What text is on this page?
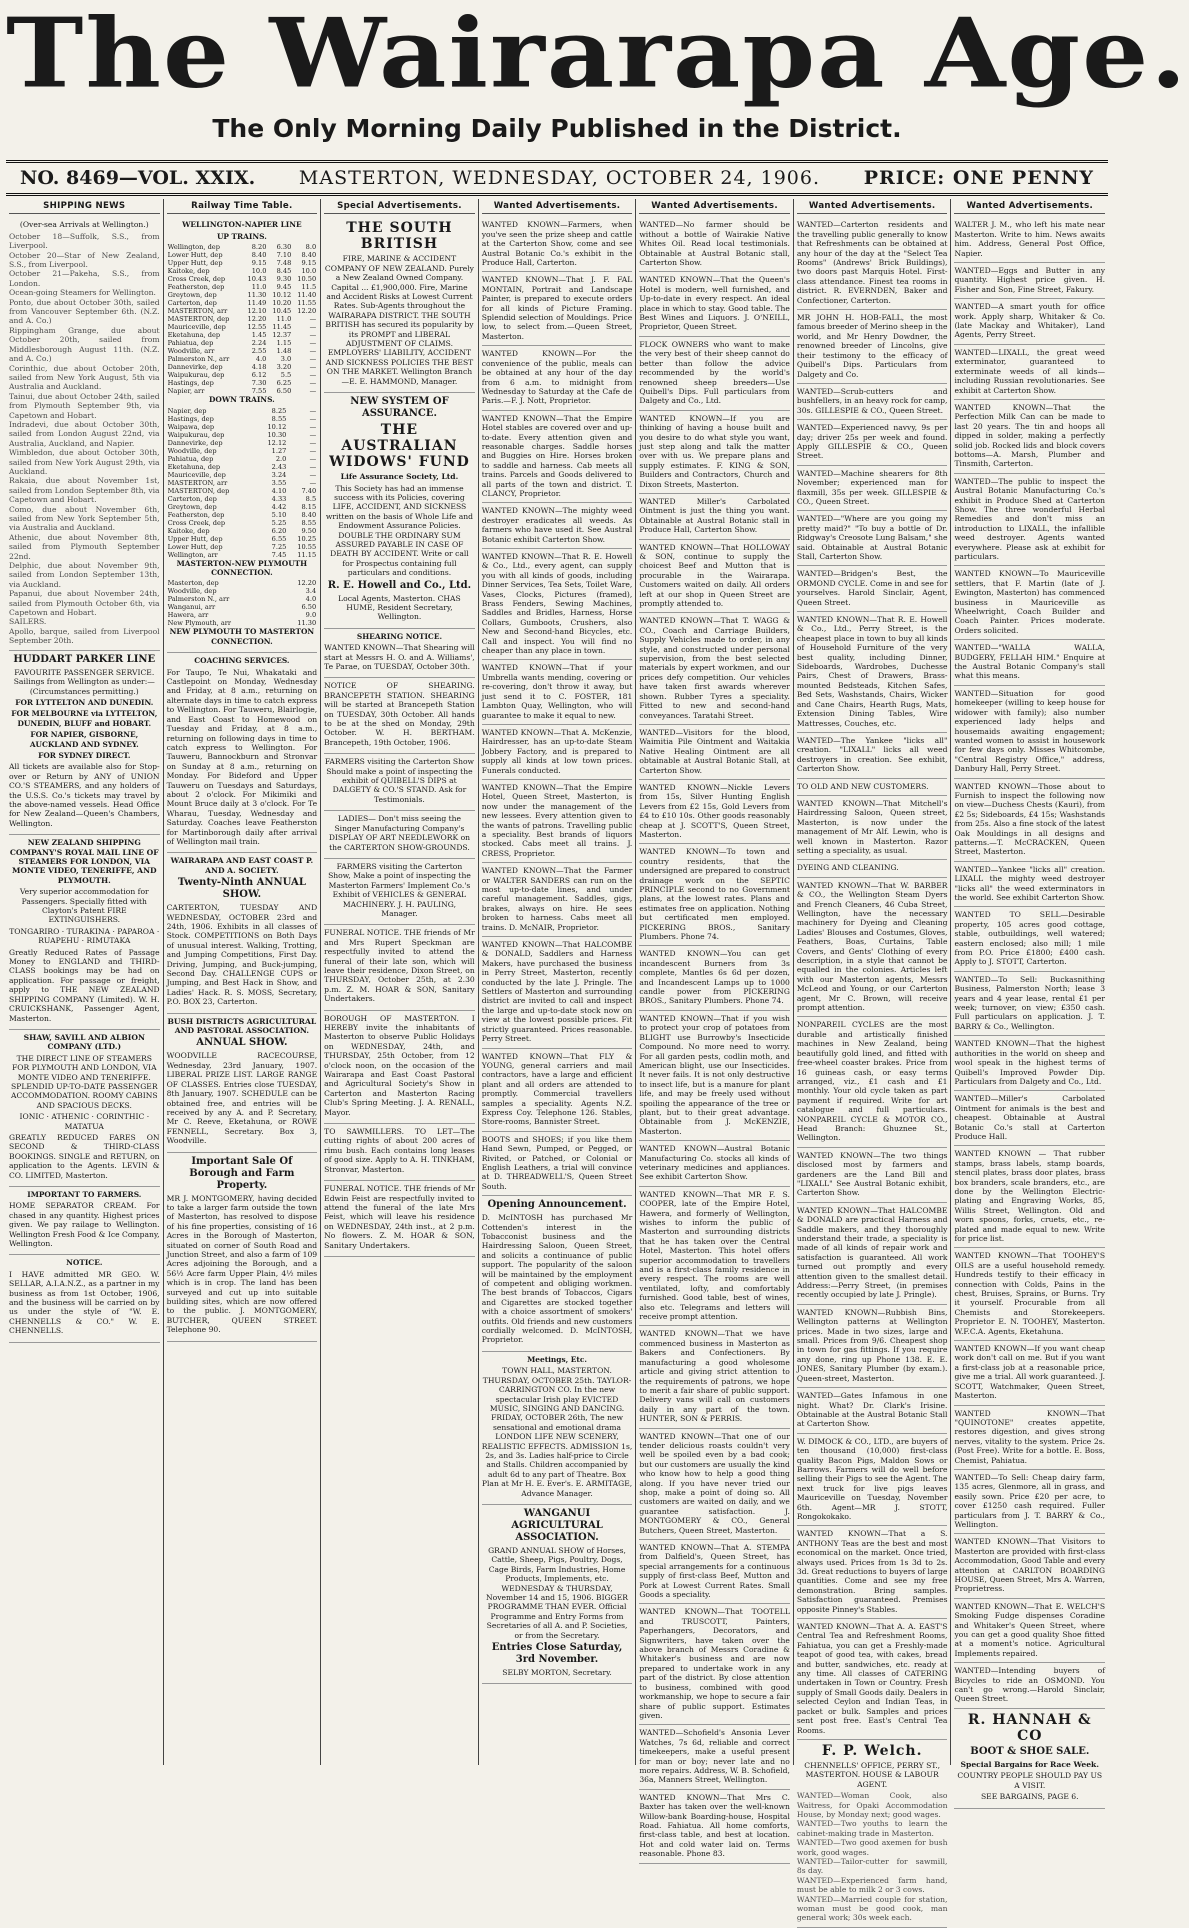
The Wairarapa Age.
The Only Morning Daily Published in the District.
NO. 8469—VOL. XXIX. MASTERTON, WEDNESDAY, OCTOBER 24, 1906. PRICE: ONE PENNY
SHIPPING NEWS

(Over-sea Arrivals at Wellington.)

October 18—Suffolk, S.S., from Liverpool.
October 20—Star of New Zealand, S.S., from Liverpool.
October 21—Pakeha, S.S., from London.
Ocean-going Steamers for Wellington.
Ponto, due about October 30th, sailed from Vancouver September 6th. (N.Z. and A. Co.)
Rippingham Grange, due about October 20th, sailed from Middlesborough August 11th. (N.Z. and A. Co.)
Corinthic, due about October 20th, sailed from New York August, 5th via Australia and Auckland.
Tainui, due about October 24th, sailed from Plymouth September 9th, via Capetown and Hobart.
Indradevi, due about October 30th, sailed from London August 22nd, via Australia, Auckland, and Napier.
Wimbledon, due about October 30th, sailed from New York August 29th, via Auckland.
Rakaia, due about November 1st, sailed from London September 8th, via Capetown and Hobart.
Como, due about November 6th, sailed from New York September 5th, via Australia and Auckland.
Athenic, due about November 8th, sailed from Plymouth September 22nd.
Delphic, due about November 9th, sailed from London September 13th, via Auckland.
Papanui, due about November 24th, sailed from Plymouth October 6th, via Capetown and Hobart.
SAILERS.
Apollo, barque, sailed from Liverpool September 20th.

HUDDART PARKER LINE

FAVOURITE PASSENGER SERVICE. Sailings from Wellington as under:— (Circumstances permitting.)

FOR LYTTELTON AND DUNEDIN.

FOR MELBOURNE via LYTTELTON, DUNEDIN, BLUFF and HOBART.

FOR NAPIER, GISBORNE, AUCKLAND AND SYDNEY.

FOR SYDNEY DIRECT.

All tickets are available also for Stop-over or Return by ANY of UNION CO.'S STEAMERS, and any holders of the U.S.S. Co.'s tickets may travel by the above-named vessels. Head Office for New Zealand—Queen's Chambers, Wellington.

NEW ZEALAND SHIPPING COMPANY'S ROYAL MAIL LINE OF STEAMERS FOR LONDON, VIA MONTE VIDEO, TENERIFFE, AND PLYMOUTH.

Very superior accommodation for Passengers. Specially fitted with Clayton's Patent FIRE EXTINGUISHERS.

TONGARIRO · TURAKINA · PAPAROA · RUAPEHU · RIMUTAKA

Greatly Reduced Rates of Passage Money to ENGLAND and THIRD-CLASS bookings may be had on application. For passage or freight, apply to THE NEW ZEALAND SHIPPING COMPANY (Limited). W. H. CRUICKSHANK, Passenger Agent, Masterton.

SHAW, SAVILL AND ALBION COMPANY (LTD.)

THE DIRECT LINE OF STEAMERS FOR PLYMOUTH AND LONDON, VIA MONTE VIDEO AND TENERIFFE. SPLENDID UP-TO-DATE PASSENGER ACCOMMODATION. ROOMY CABINS AND SPACIOUS DECKS.

IONIC · ATHENIC · CORINTHIC · MATATUA

GREATLY REDUCED FARES ON SECOND & THIRD-CLASS BOOKINGS. SINGLE and RETURN, on application to the Agents. LEVIN & CO. LIMITED, Masterton.

IMPORTANT TO FARMERS.

HOME SEPARATOR CREAM. For chased in any quantity. Highest prices given. We pay railage to Wellington. Wellington Fresh Food & Ice Company, Wellington.

NOTICE.

I HAVE admitted MR GEO. W. SELLAR, A.I.A.N.Z., as a partner in my business as from 1st October, 1906, and the business will be carried on by us under the style of "W. E. CHENNELLS & CO." W. E. CHENNELLS.

Railway Time Table.

WELLINGTON-NAPIER LINE

UP TRAINS.

Wellington, dep	8.20	6.30	8.0
Lower Hutt, dep	8.40	7.10	8.40
Upper Hutt, dep	9.15	7.48	9.15
Kaitoke, dep	10.0	8.45	10.0
Cross Creek, dep	10.43	9.30	10.50
Featherston, dep	11.0	9.45	11.5
Greytown, dep	11.30	10.12	11.40
Carterton, dep	11.49	10.20	11.55
MASTERTON, arr	12.10	10.45	12.20
MASTERTON, dep	12.20	11.0	—
Mauriceville, dep	12.55	11.45	—
Eketahuna, dep	1.45	12.37	—
Pahiatua, dep	2.24	1.15	—
Woodville, arr	2.55	1.48	—
Palmerston N., arr	4.0	3.0	—
Dannevirke, dep	4.18	3.20	—
Waipukurau, dep	6.12	5.5	—
Hastings, dep	7.30	6.25	—
Napier, arr	7.55	6.50	—

DOWN TRAINS.

Napier, dep	8.25	—
Hastings, dep	8.55	—
Waipawa, dep	10.12	—
Waipukurau, dep	10.30	—
Dannevirke, dep	12.12	—
Woodville, dep	1.27	—
Pahiatua, dep	2.0	—
Eketahuna, dep	2.43	—
Mauriceville, dep	3.24	—
MASTERTON, arr	3.55	—
MASTERTON, dep	4.10	7.40
Carterton, dep	4.33	8.5
Greytown, dep	4.42	8.15
Featherston, dep	5.10	8.40
Cross Creek, dep	5.25	8.55
Kaitoke, dep	6.20	9.50
Upper Hutt, dep	6.55	10.25
Lower Hutt, dep	7.25	10.55
Wellington, arr	7.45	11.15

MASTERTON-NEW PLYMOUTH CONNECTION.

Masterton, dep	12.20
Woodville, dep	3.4
Palmerston N., arr	4.0
Wanganui, arr	6.50
Hawera, arr	9.0
New Plymouth, arr	11.30

NEW PLYMOUTH TO MASTERTON CONNECTION.

COACHING SERVICES.

For Taupo, Te Nui, Whakataki and Castlepoint on Monday, Wednesday and Friday, at 8 a.m., returning on alternate days in time to catch express to Wellington. For Tauweru, Blairlogie, and East Coast to Homewood on Tuesday and Friday, at 8 a.m., returning on following days in time to catch express to Wellington. For Tauweru, Bannockburn and Stronvar on Sunday at 8 a.m., returning on Monday. For Bideford and Upper Tauweru on Tuesdays and Saturdays, about 2 o'clock. For Mikimiki and Mount Bruce daily at 3 o'clock. For Te Wharau, Tuesday, Wednesday and Saturday. Coaches leave Featherston for Martinborough daily after arrival of Wellington mail train.

WAIRARAPA AND EAST COAST P. AND A. SOCIETY.

Twenty-Ninth ANNUAL SHOW.

CARTERTON, TUESDAY AND WEDNESDAY, OCTOBER 23rd and 24th, 1906. Exhibits in all classes of Stock. COMPETITIONS on Both Days of unusual interest. Walking, Trotting, and Jumping Competitions, First Day. Driving, Jumping, and Buck-jumping, Second Day. CHALLENGE CUPS or Jumping, and Best Hack in Show, and Ladies' Hack. R. S. MOSS, Secretary, P.O. BOX 23, Carterton.

BUSH DISTRICTS AGRICULTURAL AND PASTORAL ASSOCIATION.

ANNUAL SHOW.

WOODVILLE RACECOURSE, Wednesday, 23rd January, 1907. LIBERAL PRIZE LIST. LARGE RANGE OF CLASSES. Entries close TUESDAY, 8th January, 1907. SCHEDULE can be obtained free, and entries will be received by any A. and P. Secretary, Mr C. Reeve, Eketahuna, or ROWE FENNELL, Secretary. Box 3, Woodville.

Important Sale Of Borough and Farm Property.

MR J. MONTGOMERY, having decided to take a larger farm outside the town of Masterton, has resolved to dispose of his fine properties, consisting of 16 Acres in the Borough of Masterton, situated on corner of South Road and Junction Street, and also a farm of 109 Acres adjoining the Borough, and a 56½ Acre farm Upper Plain, 4½ miles which is in crop. The land has been surveyed and cut up into suitable building sites, which are now offered to the public. J. MONTGOMERY, BUTCHER, QUEEN STREET. Telephone 90.

Special Advertisements.

THE SOUTH BRITISH

FIRE, MARINE & ACCIDENT COMPANY OF NEW ZEALAND. Purely a New Zealand Owned Company. Capital ... £1,900,000. Fire, Marine and Accident Risks at Lowest Current Rates. Sub-Agents throughout the WAIRARAPA DISTRICT. THE SOUTH BRITISH has secured its popularity by its PROMPT and LIBERAL ADJUSTMENT OF CLAIMS. EMPLOYERS' LIABILITY, ACCIDENT AND SICKNESS POLICIES THE BEST ON THE MARKET. Wellington Branch—E. E. HAMMOND, Manager.

NEW SYSTEM OF ASSURANCE.

THE AUSTRALIAN WIDOWS' FUND

Life Assurance Society, Ltd.

This Society has had an immense success with its Policies, covering LIFE, ACCIDENT, AND SICKNESS written on the basis of Whole Life and Endowment Assurance Policies. DOUBLE THE ORDINARY SUM ASSURED PAYABLE IN CASE OF DEATH BY ACCIDENT. Write or call for Prospectus containing full particulars and conditions.

R. E. Howell and Co., Ltd.

Local Agents, Masterton. CHAS HUME, Resident Secretary, Wellington.

SHEARING NOTICE.

WANTED KNOWN—That Shearing will start at Messrs H. O. and A. Williams', Te Parae, on TUESDAY, October 30th.

NOTICE OF SHEARING. BRANCEPETH STATION. SHEARING will be started at Brancepeth Station on TUESDAY, 30th October. All hands to be at the shed on Monday, 29th October. W. H. BERTHAM. Brancepeth, 19th October, 1906.

FARMERS visiting the Carterton Show Should make a point of inspecting the exhibit of QUIBELL'S DIPS at DALGETY & CO.'S STAND. Ask for Testimonials.

LADIES— Don't miss seeing the Singer Manufacturing Company's DISPLAY OF ART NEEDLEWORK on the CARTERTON SHOW-GROUNDS.

FARMERS visiting the Carterton Show, Make a point of inspecting the Masterton Farmers' Implement Co.'s Exhibit of VEHICLES & GENERAL MACHINERY. J. H. PAULING, Manager.

FUNERAL NOTICE. THE friends of Mr and Mrs Rupert Speckman are respectfully invited to attend the funeral of their late son, which will leave their residence, Dixon Street, on THURSDAY, October 25th, at 2.30 p.m. Z. M. HOAR & SON, Sanitary Undertakers.

BOROUGH OF MASTERTON. I HEREBY invite the inhabitants of Masterton to observe Public Holidays on WEDNESDAY, 24th, and THURSDAY, 25th October, from 12 o'clock noon, on the occasion of the Wairarapa and East Coast Pastoral and Agricultural Society's Show in Carterton and Masterton Racing Club's Spring Meeting. J. A. RENALL, Mayor.

TO SAWMILLERS. TO LET—The cutting rights of about 200 acres of rimu bush. Each contains long leases of good size. Apply to A. H. TINKHAM, Stronvar, Masterton.

FUNERAL NOTICE. THE friends of Mr Edwin Feist are respectfully invited to attend the funeral of the late Mrs Feist, which will leave his residence on WEDNESDAY, 24th inst., at 2 p.m. No flowers. Z. M. HOAR & SON, Sanitary Undertakers.

Wanted Advertisements.
WANTED KNOWN—Farmers, when you've seen the prize sheep and cattle at the Carterton Show, come and see Austral Botanic Co.'s exhibit in the Produce Hall, Carterton.
WANTED KNOWN—That J. F. FAL MONTAIN, Portrait and Landscape Painter, is prepared to execute orders for all kinds of Picture Framing. Splendid selection of Mouldings. Price low, to select from.—Queen Street, Masterton.
WANTED KNOWN—For the convenience of the public, meals can be obtained at any hour of the day from 6 a.m. to midnight from Wednesday to Saturday at the Cafe de Paris.—F. J. Nott, Proprietor.
WANTED KNOWN—That the Empire Hotel stables are covered over and up-to-date. Every attention given and reasonable charges. Saddle horses and Buggies on Hire. Horses broken to saddle and harness. Cab meets all trains. Parcels and Goods delivered to all parts of the town and district. T. CLANCY, Proprietor.
WANTED KNOWN—The mighty weed destroyer eradicates all weeds. As farmers who have used it. See Austral Botanic exhibit Carterton Show.
WANTED KNOWN—That R. E. Howell & Co., Ltd., every agent, can supply you with all kinds of goods, including Dinner Services, Tea Sets, Toilet Ware, Vases, Clocks, Pictures (framed), Brass Fenders, Sewing Machines, Saddles and Bridles, Harness, Horse Collars, Gumboots, Crushers, also New and Second-hand Bicycles, etc. Call and inspect. You will find no cheaper than any place in town.
WANTED KNOWN—That if your Umbrella wants mending, covering or re-covering, don't throw it away, but just send it to C. FOSTER, 181 Lambton Quay, Wellington, who will guarantee to make it equal to new.
WANTED KNOWN—That A. McKenzie, Hairdresser, has an up-to-date Steam Jobbery Factory, and is prepared to supply all kinds at low town prices. Funerals conducted.
WANTED KNOWN—That the Empire Hotel, Queen Street, Masterton, is now under the management of the new lessees. Every attention given to the wants of patrons. Travelling public a speciality. Best brands of liquors stocked. Cabs meet all trains. J. CRESS, Proprietor.
WANTED KNOWN—That the Farmer or WALTER SANDERS can run on the most up-to-date lines, and under careful management. Saddles, gigs, brakes, always on hire. He sees broken to harness. Cabs meet all trains. D. McNAIR, Proprietor.
WANTED KNOWN—That HALCOMBE & DONALD, Saddlers and Harness Makers, have purchased the business in Perry Street, Masterton, recently conducted by the late J. Pringle. The Settlers of Masterton and surrounding district are invited to call and inspect the large and up-to-date stock now on view at the lowest possible prices. Fit strictly guaranteed. Prices reasonable. Perry Street.
WANTED KNOWN—That FLY & YOUNG, general carriers and mail contractors, have a large and efficient plant and all orders are attended to promptly. Commercial travellers samples a speciality. Agents N.Z. Express Coy. Telephone 126. Stables, Store-rooms, Bannister Street.
BOOTS and SHOES; if you like them Hand Sewn, Pumped, or Pegged, or Rivited, or Patched, or Colonial or English Leathers, a trial will convince at D. THREADWELL'S, Queen Street South.

Opening Announcement.

D. McINTOSH has purchased Mr Cottenden's interest in the Tobacconist business and the Hairdressing Saloon, Queen Street, and solicits a continuance of public support. The popularity of the saloon will be maintained by the employment of competent and obliging workmen. The best brands of Tobaccos, Cigars and Cigarettes are stocked together with a choice assortment of smokers' outfits. Old friends and new customers cordially welcomed. D. McINTOSH, Proprietor.

Meetings, Etc.

TOWN HALL, MASTERTON. THURSDAY, OCTOBER 25th. TAYLOR-CARRINGTON CO. In the new spectacular Irish play EVICTED MUSIC, SINGING AND DANCING. FRIDAY, OCTOBER 26th, The new sensational and emotional drama LONDON LIFE NEW SCENERY, REALISTIC EFFECTS. ADMISSION 1s, 2s, and 3s. Ladies half-price to Circle and Stalls. Children accompanied by adult 6d to any part of Theatre. Box Plan at Mr H. E. Ever's. E. ARMITAGE, Advance Manager.

WANGANUI AGRICULTURAL ASSOCIATION.

GRAND ANNUAL SHOW of Horses, Cattle, Sheep, Pigs, Poultry, Dogs, Cage Birds, Farm Industries, Home Products, Implements, etc. WEDNESDAY & THURSDAY, November 14 and 15, 1906. BIGGER PROGRAMME THAN EVER. Official Programme and Entry Forms from Secretaries of all A. and P. Societies, or from the Secretary.

Entries Close Saturday, 3rd November.

SELBY MORTON, Secretary.

Wanted Advertisements.
WANTED—No farmer should be without a bottle of Wairakie Native Whites Oil. Read local testimonials. Obtainable at Austral Botanic stall, Carterton Show.
WANTED KNOWN—That the Queen's Hotel is modern, well furnished, and Up-to-date in every respect. An ideal place in which to stay. Good table. The Best Wines and Liquors. J. O'NEILL, Proprietor, Queen Street.
FLOCK OWNERS who want to make the very best of their sheep cannot do better than follow the advice recommended by the world's renowned sheep breeders—Use Quibell's Dips. Full particulars from Dalgety and Co., Ltd.
WANTED KNOWN—If you are thinking of having a house built and you desire to do what style you want, just step along and talk the matter over with us. We prepare plans and supply estimates. F. KING & SON, Builders and Contractors, Church and Dixon Streets, Masterton.
WANTED Miller's Carbolated Ointment is just the thing you want. Obtainable at Austral Botanic stall in Produce Hall, Carterton Show.
WANTED KNOWN—That HOLLOWAY & SON, continue to supply the choicest Beef and Mutton that is procurable in the Wairarapa. Customers waited on daily. All orders left at our shop in Queen Street are promptly attended to.
WANTED KNOWN—That T. WAGG & CO., Coach and Carriage Builders, Supply Vehicles made to order, in any style, and constructed under personal supervision, from the best selected materials by expert workmen, and our prices defy competition. Our vehicles have taken first awards wherever shown. Rubber Tyres a speciality. Fitted to new and second-hand conveyances. Taratahi Street.
WANTED—Visitors for the blood, Waimitia Pile Ointment and Waitakia Native Healing Ointment are all obtainable at Austral Botanic Stall, at Carterton Show.
WANTED KNOWN—Nickle Levers from 15s, Silver Hunting English Levers from £2 15s, Gold Levers from £4 to £10 10s. Other goods reasonably cheap at J. SCOTT'S, Queen Street, Masterton.
WANTED KNOWN—To town and country residents, that the undersigned are prepared to construct drainage work on the SEPTIC PRINCIPLE second to no Government plans, at the lowest rates. Plans and estimates free on application. Nothing but certificated men employed. PICKERING BROS., Sanitary Plumbers. Phone 74.
WANTED KNOWN—You can get incandescent Burners from 3s complete, Mantles 6s 6d per dozen, and Incandescent Lamps up to 1000 candle power from PICKERING BROS., Sanitary Plumbers. Phone 74.
WANTED KNOWN—That if you wish to protect your crop of potatoes from BLIGHT use Burrowby's Insecticide Compound. No more need to worry. For all garden pests, codlin moth, and American blight, use our Insecticides. It never fails. It is not only destructive to insect life, but is a manure for plant life, and may be freely used without spoiling the appearance of the tree or plant, but to their great advantage. Obtainable from J. McKENZIE, Masterton.
WANTED KNOWN—Austral Botanic Manufacturing Co. stocks all kinds of veterinary medicines and appliances. See exhibit Carterton Show.
WANTED KNOWN—That MR F. S. COOPER, late of the Empire Hotel, Hawera, and formerly of Wellington, wishes to inform the public of Masterton and surrounding districts that he has taken over the Central Hotel, Masterton. This hotel offers superior accommodation to travellers and is a first-class family residence in every respect. The rooms are well ventilated, lofty, and comfortably furnished. Good table, best of wines, also etc. Telegrams and letters will receive prompt attention.
WANTED KNOWN—That we have commenced business in Masterton as Bakers and Confectioners. By manufacturing a good wholesome article and giving strict attention to the requirements of patrons, we hope to merit a fair share of public support. Delivery vans will call on customers daily in any part of the town. HUNTER, SON & PERRIS.
WANTED KNOWN—That one of our tender delicious roasts couldn't very well be spoiled even by a bad cook; but our customers are usually the kind who know how to help a good thing along. If you have never tried our shop, make a point of doing so. All customers are waited on daily, and we guarantee satisfaction. J. MONTGOMERY & CO., General Butchers, Queen Street, Masterton.
WANTED KNOWN—That A. STEMPA from Dalfield's, Queen Street, has special arrangements for a continuous supply of first-class Beef, Mutton and Pork at Lowest Current Rates. Small Goods a speciality.
WANTED KNOWN—That TOOTELL and TRUSCOTT, Painters, Paperhangers, Decorators, and Signwriters, have taken over the above branch of Messrs Coradine & Whitaker's business and are now prepared to undertake work in any part of the district. By close attention to business, combined with good workmanship, we hope to secure a fair share of public support. Estimates given.
WANTED—Schofield's Ansonia Lever Watches, 7s 6d, reliable and correct timekeepers, make a useful present for man or boy; never late and no more repairs. Address, W. B. Schofield, 36a, Manners Street, Wellington.
WANTED KNOWN—That Mrs C. Baxter has taken over the well-known Willow-bank Boarding-house, Hospital Road. Fahiatua. All home comforts, first-class table, and best at location. Hot and cold water laid on. Terms reasonable. Phone 83.
Wanted Advertisements.
WANTED—Carterton residents and the travelling public generally to know that Refreshments can be obtained at any hour of the day at the "Select Tea Rooms" (Andrews' Brick Buildings), two doors past Marquis Hotel. First-class attendance. Finest tea rooms in district. R. EVERNDEN, Baker and Confectioner, Carterton.
MR JOHN H. HOB-FALL, the most famous breeder of Merino sheep in the world, and Mr Henry Dowdner, the renowned breeder of Lincolns, give their testimony to the efficacy of Quibell's Dips. Particulars from Dalgety and Co.
WANTED—Scrub-cutters and bushfellers, in an heavy rock for camp, 30s. GILLESPIE & CO., Queen Street.
WANTED—Experienced navvy, 9s per day; driver 25s per week and found. Apply GILLESPIE & CO., Queen Street.
WANTED—Machine shearers for 8th November; experienced man for flaxmill, 35s per week. GILLESPIE & CO., Queen Street.
WANTED—"Where are you going my pretty maid?" "To buy a bottle of Dr. Ridgway's Creosote Lung Balsam," she said. Obtainable at Austral Botanic Stall, Carterton Show.
WANTED—Bridgen's Best, the ORMOND CYCLE. Come in and see for yourselves. Harold Sinclair, Agent, Queen Street.
WANTED KNOWN—That R. E. Howell & Co., Ltd., Perry Street, is the cheapest place in town to buy all kinds of Household Furniture of the very best quality, including Dinner, Sideboards, Wardrobes, Duchesse Pairs, Chest of Drawers, Brass-mounted Bedsteads, Kitchen Safes, Bed Sets, Washstands, Chairs, Wicker and Cane Chairs, Hearth Rugs, Mats, Extension Dining Tables, Wire Mattresses, Couches, etc.
WANTED—The Yankee "licks all" creation. "LIXALL" licks all weed destroyers in creation. See exhibit, Carterton Show.
TO OLD AND NEW CUSTOMERS.
WANTED KNOWN—That Mitchell's Hairdressing Saloon, Queen street, Masterton, is now under the management of Mr Alf. Lewin, who is well known in Masterton. Razor setting a speciality, as usual.
DYEING AND CLEANING.
WANTED KNOWN—That W. BARBER & CO., the Wellington Steam Dyers and French Cleaners, 46 Cuba Street, Wellington, have the necessary machinery for Dyeing and Cleaning Ladies' Blouses and Costumes, Gloves, Feathers, Boas, Curtains, Table Covers, and Gents' Clothing of every description, in a style that cannot be equalled in the colonies. Articles left with our Masterton agents, Messrs McLeod and Young, or our Carterton agent, Mr C. Brown, will receive prompt attention.
NONPAREIL CYCLES are the most durable and artistically finished machines in New Zealand, being beautifully gold lined, and fitted with free-wheel coaster brakes. Price from 16 guineas cash, or easy terms arranged, viz., £1 cash and £1 monthly. Your old cycle taken as part payment if required. Write for art catalogue and full particulars. NONPAREIL CYCLE & MOTOR CO., Head Branch: Ghuznee St., Wellington.
WANTED KNOWN—The two things disclosed most by farmers and gardeners are the Land Bill and "LIXALL" See Austral Botanic exhibit, Carterton Show.
WANTED KNOWN—That HALCOMBE & DONALD are practical Harness and Saddle makers, and they thoroughly understand their trade, a speciality is made of all kinds of repair work and satisfaction is guaranteed. All work turned out promptly and every attention given to the smallest detail. Address:—Perry Street, (in premises recently occupied by late J. Pringle).
WANTED KNOWN—Rubbish Bins, Wellington patterns at Wellington prices. Made in two sizes, large and small. Prices from 9/6. Cheapest shop in town for gas fittings. If you require any done, ring up Phone 138. E. E. JONES, Sanitary Plumber (by exam.). Queen-street, Masterton.
WANTED—Gates Infamous in one night. What? Dr. Clark's Irisine. Obtainable at the Austral Botanic Stall at Carterton Show.
W. DIMOCK & CO., LTD., are buyers of ten thousand (10,000) first-class quality Bacon Pigs, Maldon Sows or Barrows. Farmers will do well before selling their Pigs to see the Agent. The next truck for live pigs leaves Mauriceville on Tuesday, November 6th. Agent—MR J. STOTT, Rongokokako.
WANTED KNOWN—That a S. ANTHONY Teas are the best and most economical on the market. Once tried, always used. Prices from 1s 3d to 2s. 3d. Great reductions to buyers of large quantities. Come and see my free demonstration. Bring samples. Satisfaction guaranteed. Premises opposite Pinney's Stables.
WANTED KNOWN—That A. A. EAST'S Central Tea and Refreshment Rooms, Fahiatua, you can get a Freshly-made teapot of good tea, with cakes, bread and butter, sandwiches, etc. ready at any time. All classes of CATERING undertaken in Town or Country. Fresh supply of Small Goods daily. Dealers in selected Ceylon and Indian Teas, in packet or bulk. Samples and prices sent post free. East's Central Tea Rooms.

F. P. Welch.

CHENNELLS' OFFICE, PERRY ST., MASTERTON. HOUSE & LABOUR AGENT.

WANTED—Woman Cook, also Waitress, for Opaki Accommodation House, by Monday next; good wages.
WANTED—Two youths to learn the cabinet-making trade in Masterton.
WANTED—Two good axemen for bush work, good wages.
WANTED—Tailor-cutter for sawmill, 8s day.
WANTED—Experienced farm hand, must be able to milk 2 or 3 cows.
WANTED—Married couple for station, woman must be good cook, man general work; 30s week each.
Wanted Advertisements.
WALTER J. M., who left his mate near Masterton. Write to him. News awaits him. Address, General Post Office, Napier.
WANTED—Eggs and Butter in any quantity. Highest price given. H. Fisher and Son, Fine Street, Fakury.
WANTED—A smart youth for office work. Apply sharp, Whitaker & Co. (late Mackay and Whitaker), Land Agents, Perry Street.
WANTED—LIXALL, the great weed exterminator, guaranteed to exterminate weeds of all kinds—including Russian revolutionaries. See exhibit at Carterton Show.
WANTED KNOWN—That the Perfection Milk Can can be made to last 20 years. The tin and hoops all dipped in solder, making a perfectly solid job. Rocked lids and block covers bottoms—A. Marsh, Plumber and Tinsmith, Carterton.
WANTED—The public to inspect the Austral Botanic Manufacturing Co.'s exhibit in Produce Shed at Carterton Show. The three wonderful Herbal Remedies and don't miss an introduction to LIXALL, the infallible weed destroyer. Agents wanted everywhere. Please ask at exhibit for particulars.
WANTED KNOWN—To Mauriceville settlers, that F. Martin (late of J. Ewington, Masterton) has commenced business in Mauriceville as Wheelwright, Coach Builder and Coach Painter. Prices moderate. Orders solicited.
WANTED—"WALLA WALLA, BUDGERY, FELLAH HIM." Enquire at the Austral Botanic Company's stall what this means.
WANTED—Situation for good homekeeper (willing to keep house for widower with family); also number experienced lady helps and housemaids awaiting engagement; wanted women to assist in housework for few days only. Misses Whitcombe, "Central Registry Office," address, Danbury Hall, Perry Street.
WANTED KNOWN—Those about to Furnish to inspect the following now on view—Duchess Chests (Kauri), from £2 5s; Sideboards, £4 15s; Washstands from 25s. Also a fine stock of the latest Oak Mouldings in all designs and patterns.—T. McCRACKEN, Queen Street, Masterton.
WANTED—Yankee "licks all" creation. LIXALL the mighty weed destroyer "licks all" the weed exterminators in the world. See exhibit Carterton Show.
WANTED TO SELL—Desirable property, 105 acres good cottage, stable, outbuildings, well watered; eastern enclosed; also mill; 1 mile from P.O. Price £1800; £400 cash. Apply to J. STOTT, Carterton.
WANTED—To Sell: Buckasnithing Business, Palmerston North; lease 3 years and 4 year lease, rental £1 per week; turnover, on view; £350 cash. Full particulars on application. J. T. BARRY & Co., Wellington.
WANTED KNOWN—That the highest authorities in the world on sheep and wool speak in the highest terms of Quibell's Improved Powder Dip. Particulars from Dalgety and Co., Ltd.
WANTED—Miller's Carbolated Ointment for animals is the best and cheapest. Obtainable at Austral Botanic Co.'s stall at Carterton Produce Hall.
WANTED KNOWN — That rubber stamps, brass labels, stamp boards, stencil plates, brass door plates, brass box branders, scale branders, etc., are done by the Wellington Electric-plating and Engraving Works, 85, Willis Street, Wellington. Old and worn spoons, forks, cruets, etc., re-plated and made equal to new. Write for price list.
WANTED KNOWN—That TOOHEY'S OILS are a useful household remedy. Hundreds testify to their efficacy in connection with Colds, Pains in the chest, Bruises, Sprains, or Burns. Try it yourself. Procurable from all Chemists and Storekeepers. Proprietor E. N. TOOHEY, Masterton. W.F.C.A. Agents, Eketahuna.
WANTED KNOWN—If you want cheap work don't call on me. But if you want a first-class job at a reasonable price, give me a trial. All work guaranteed. J. SCOTT, Watchmaker, Queen Street, Masterton.
WANTED KNOWN—That "QUINOTONE" creates appetite, restores digestion, and gives strong nerves, vitality to the system. Price 2s. (Post Free). Write for a bottle. E. Boss, Chemist, Pahiatua.
WANTED—To Sell: Cheap dairy farm, 135 acres, Glenmore, all in grass, and easily sown. Price £20 per acre, to cover £1250 cash required. Fuller particulars from J. T. BARRY & Co., Wellington.
WANTED KNOWN—That Visitors to Masterton are provided with first-class Accommodation, Good Table and every attention at CARLTON BOARDING HOUSE, Queen Street, Mrs A. Warren, Proprietress.
WANTED KNOWN—That E. WELCH'S Smoking Fudge dispenses Coradine and Whitaker's Queen Street, where you can get a good quality Shoe fitted at a moment's notice. Agricultural Implements repaired.
WANTED—Intending buyers of Bicycles to ride an OSMOND. You can't go wrong.—Harold Sinclair, Queen Street.

R. HANNAH & CO

BOOT & SHOE SALE.

Special Bargains for Race Week.

COUNTRY PEOPLE SHOULD PAY US A VISIT.

SEE BARGAINS, PAGE 6.
